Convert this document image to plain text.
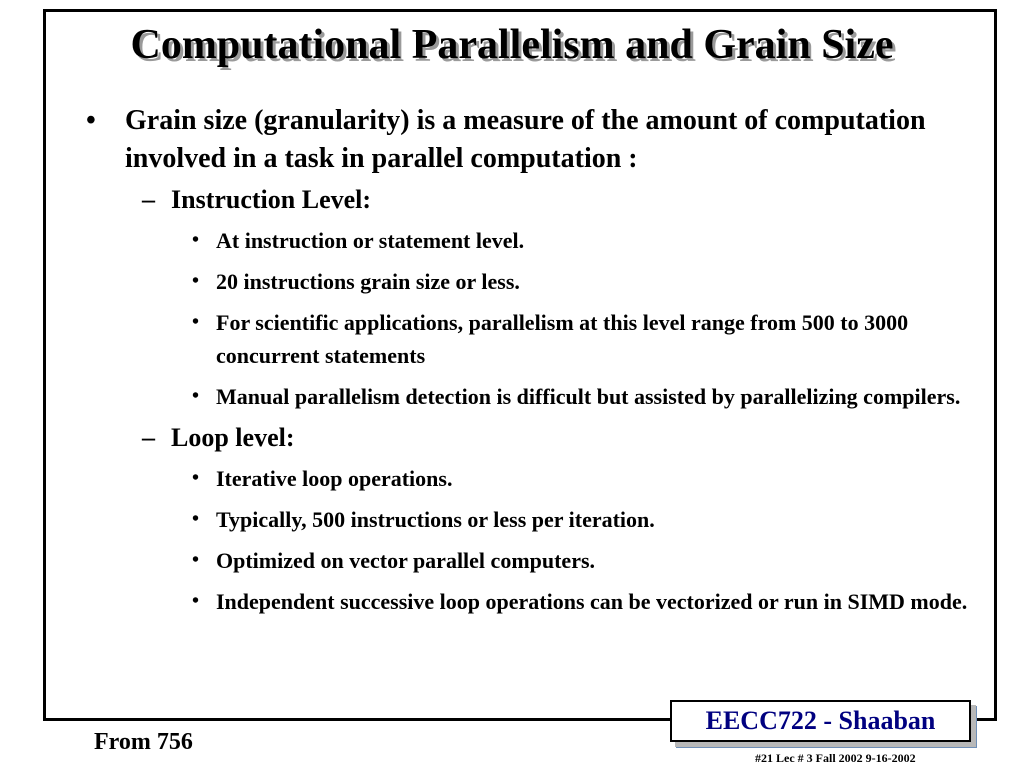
Computational Parallelism and Grain Size
• Grain size (granularity) is a measure of the amount of computation involved in a task in parallel computation :
– Instruction Level:
• At instruction or statement level.
• 20 instructions grain size or less.
• For scientific applications, parallelism at this level range from 500 to 3000 concurrent statements
• Manual parallelism detection is difficult but assisted by parallelizing compilers.
– Loop level:
• Iterative loop operations.
• Typically, 500 instructions or less per iteration.
• Optimized on vector parallel computers.
• Independent successive loop operations can be vectorized or run in SIMD mode.
EECC722 - Shaaban
From 756
#21 Lec # 3 Fall 2002 9-16-2002
